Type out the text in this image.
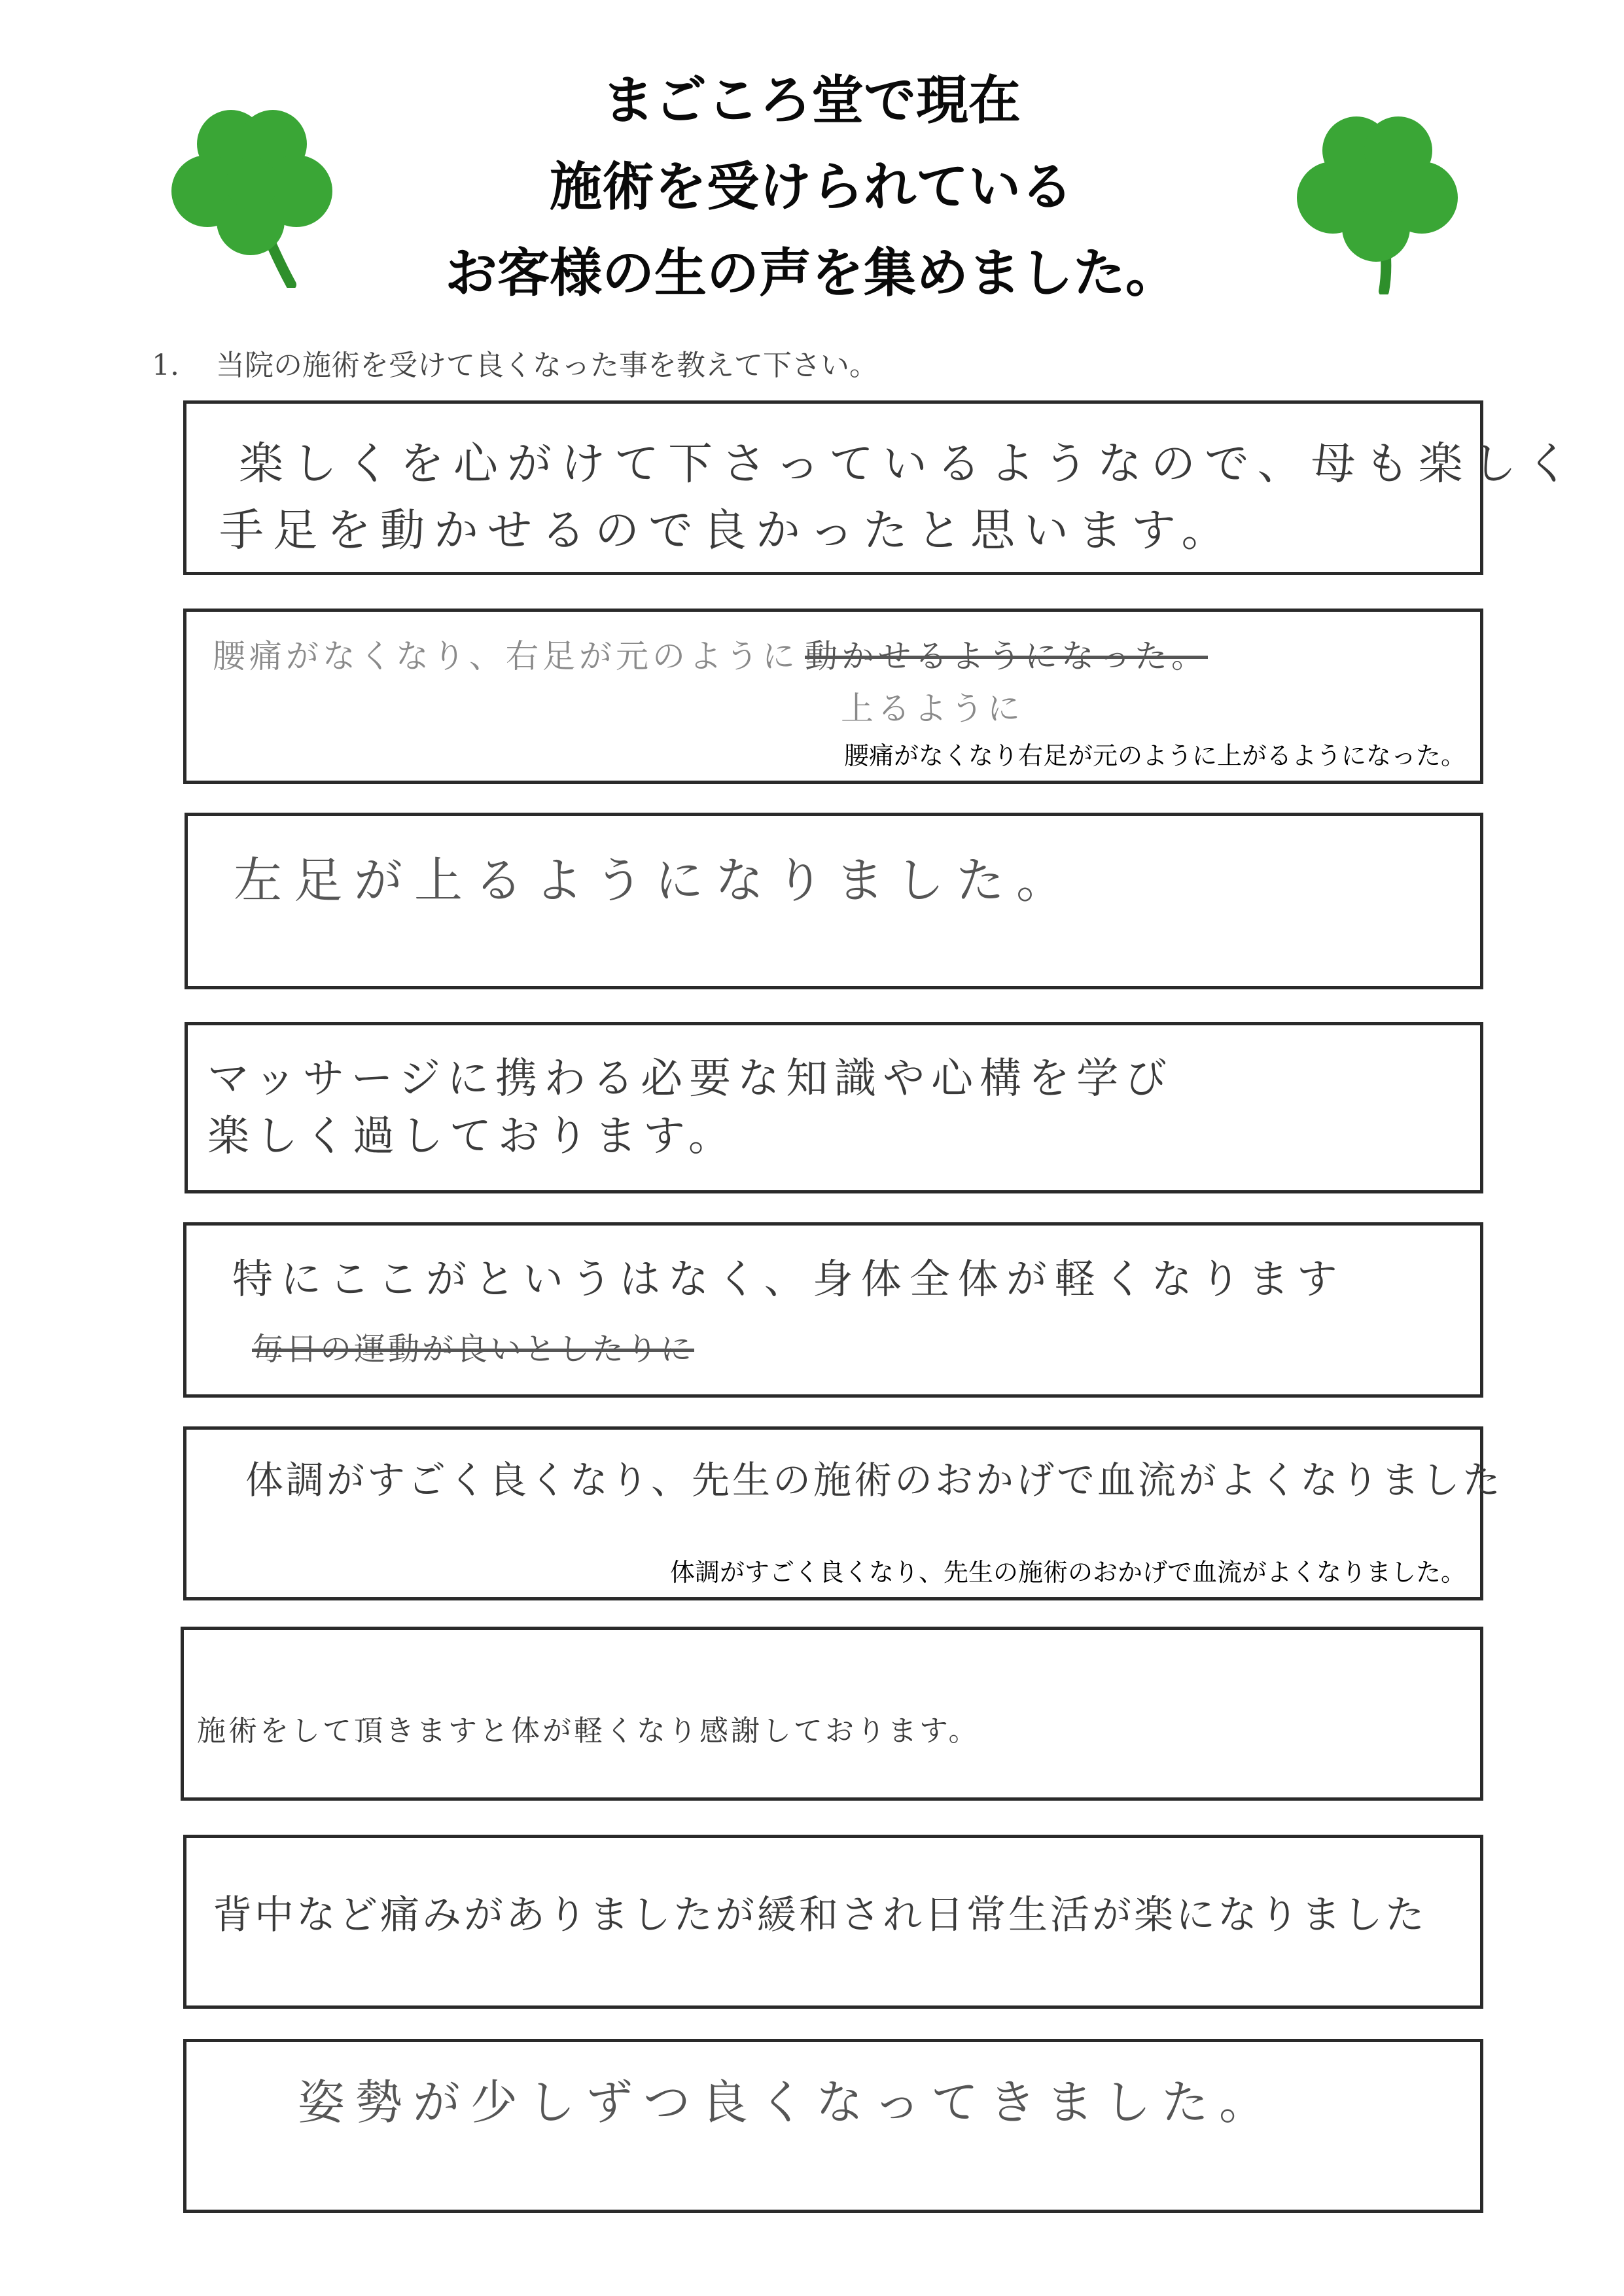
まごころ堂で現在
施術を受けられている
お客様の生の声を集めました。
1. 当院の施術を受けて良くなった事を教えて下さい。
楽しくを心がけて下さっているようなので、母も楽しく
手足を動かせるので良かったと思います。
腰痛がなくなり、右足が元のように 動かせるようになった。
上るように
腰痛がなくなり右足が元のように上がるようになった。
左足が上るようになりました。
マッサージに携わる必要な知識や心構を学び
楽しく過しております。
特にここがというはなく、身体全体が軽くなります
毎日の運動が良いとしたりに
体調がすごく良くなり、先生の施術のおかげで血流がよくなりました
体調がすごく良くなり、先生の施術のおかげで血流がよくなりました。
施術をして頂きますと体が軽くなり感謝しております。
背中など痛みがありましたが緩和され日常生活が楽になりました
姿勢が少しずつ良くなってきました。
